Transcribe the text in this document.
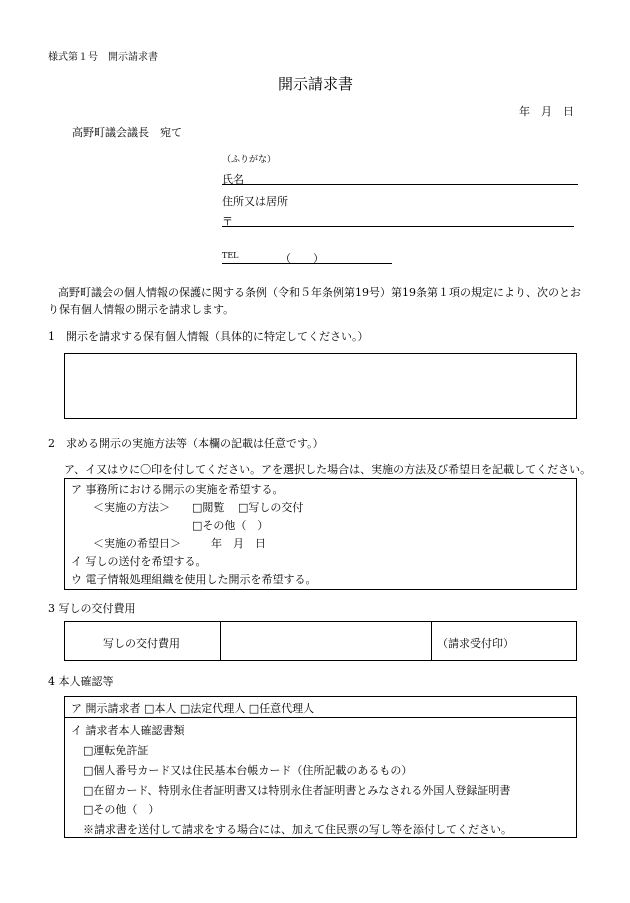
様式第１号　開示請求書
開示請求書
年　月　日
高野町議会議長　宛て
（ふりがな）
氏名
住所又は居所
〒
TEL	（　　）
高野町議会の個人情報の保護に関する条例（令和５年条例第19号）第19条第１項の規定により、次のとお
り保有個人情報の開示を請求します。
1　開示を請求する保有個人情報（具体的に特定してください。）
2　求める開示の実施方法等（本欄の記載は任意です。）
ア、イ又はウに〇印を付してください。アを選択した場合は、実施の方法及び希望日を記載してください。
ア 事務所における開示の実施を希望する。
＜実施の方法＞ □閲覧 □写しの交付
□その他（　）
＜実施の希望日＞	年　月　日
イ 写しの送付を希望する。
ウ 電子情報処理組織を使用した開示を希望する。
3 写しの交付費用
写しの交付費用	（請求受付印）
4 本人確認等
ア 開示請求者 □本人 □法定代理人 □任意代理人
イ 請求者本人確認書類
□運転免許証
□個人番号カード又は住民基本台帳カード（住所記載のあるもの）
□在留カード、特別永住者証明書又は特別永住者証明書とみなされる外国人登録証明書
□その他（　）
※請求書を送付して請求をする場合には、加えて住民票の写し等を添付してください。
